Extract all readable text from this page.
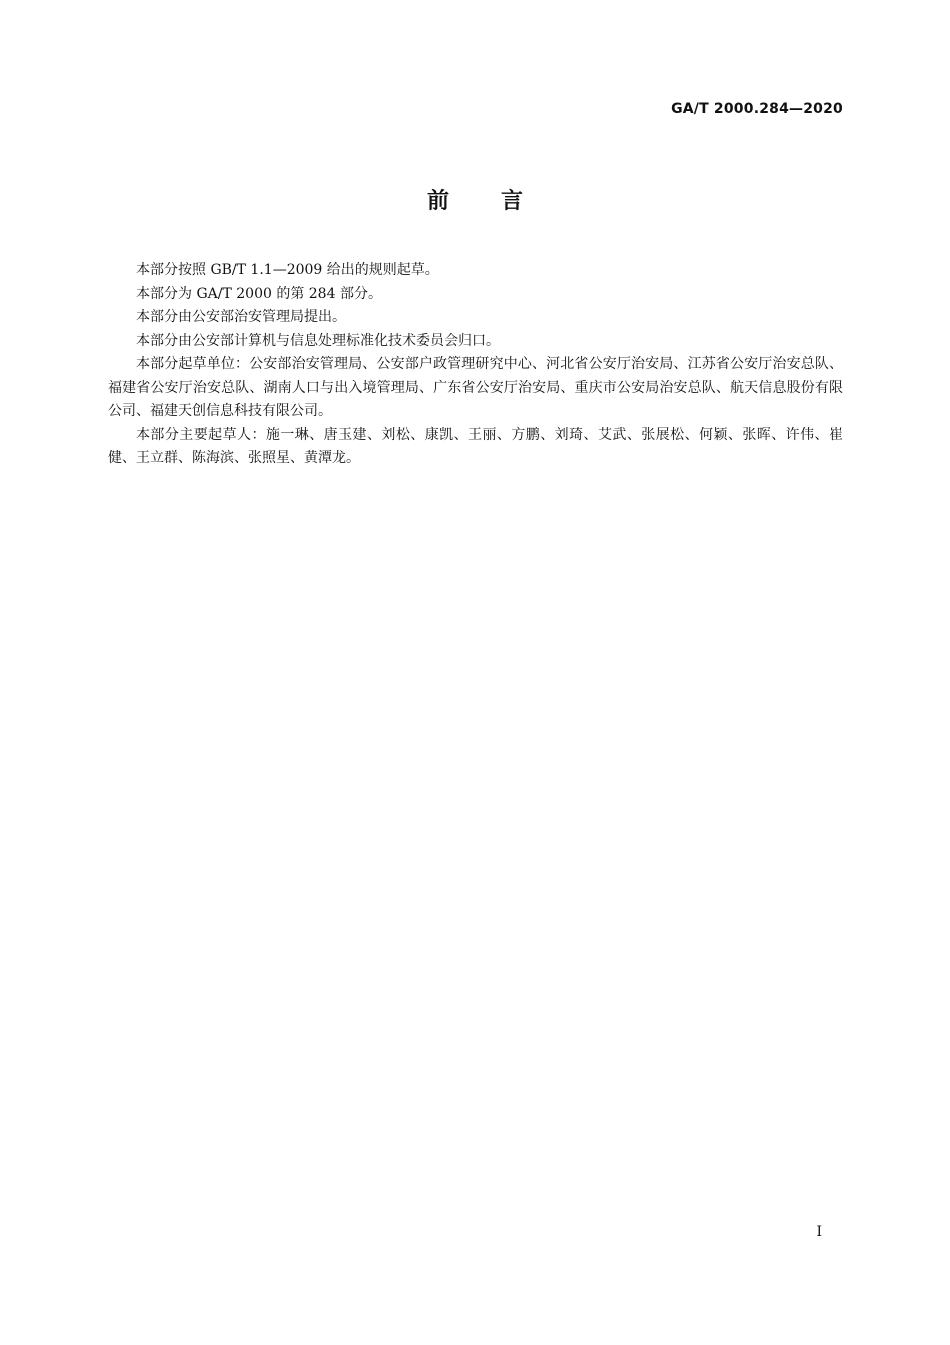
GA/T 2000.284—2020
前言

本部分按照 GB/T 1.1—2009 给出的规则起草。

本部分为 GA/T 2000 的第 284 部分。

本部分由公安部治安管理局提出。

本部分由公安部计算机与信息处理标准化技术委员会归口。

本部分起草单位：公安部治安管理局、公安部户政管理研究中心、河北省公安厅治安局、江苏省公安厅治安总队、福建省公安厅治安总队、湖南人口与出入境管理局、广东省公安厅治安局、重庆市公安局治安总队、航天信息股份有限公司、福建天创信息科技有限公司。

本部分主要起草人：施一琳、唐玉建、刘松、康凯、王丽、方鹏、刘琦、艾武、张展松、何颖、张晖、许伟、崔健、王立群、陈海滨、张照星、黄潭龙。

I
